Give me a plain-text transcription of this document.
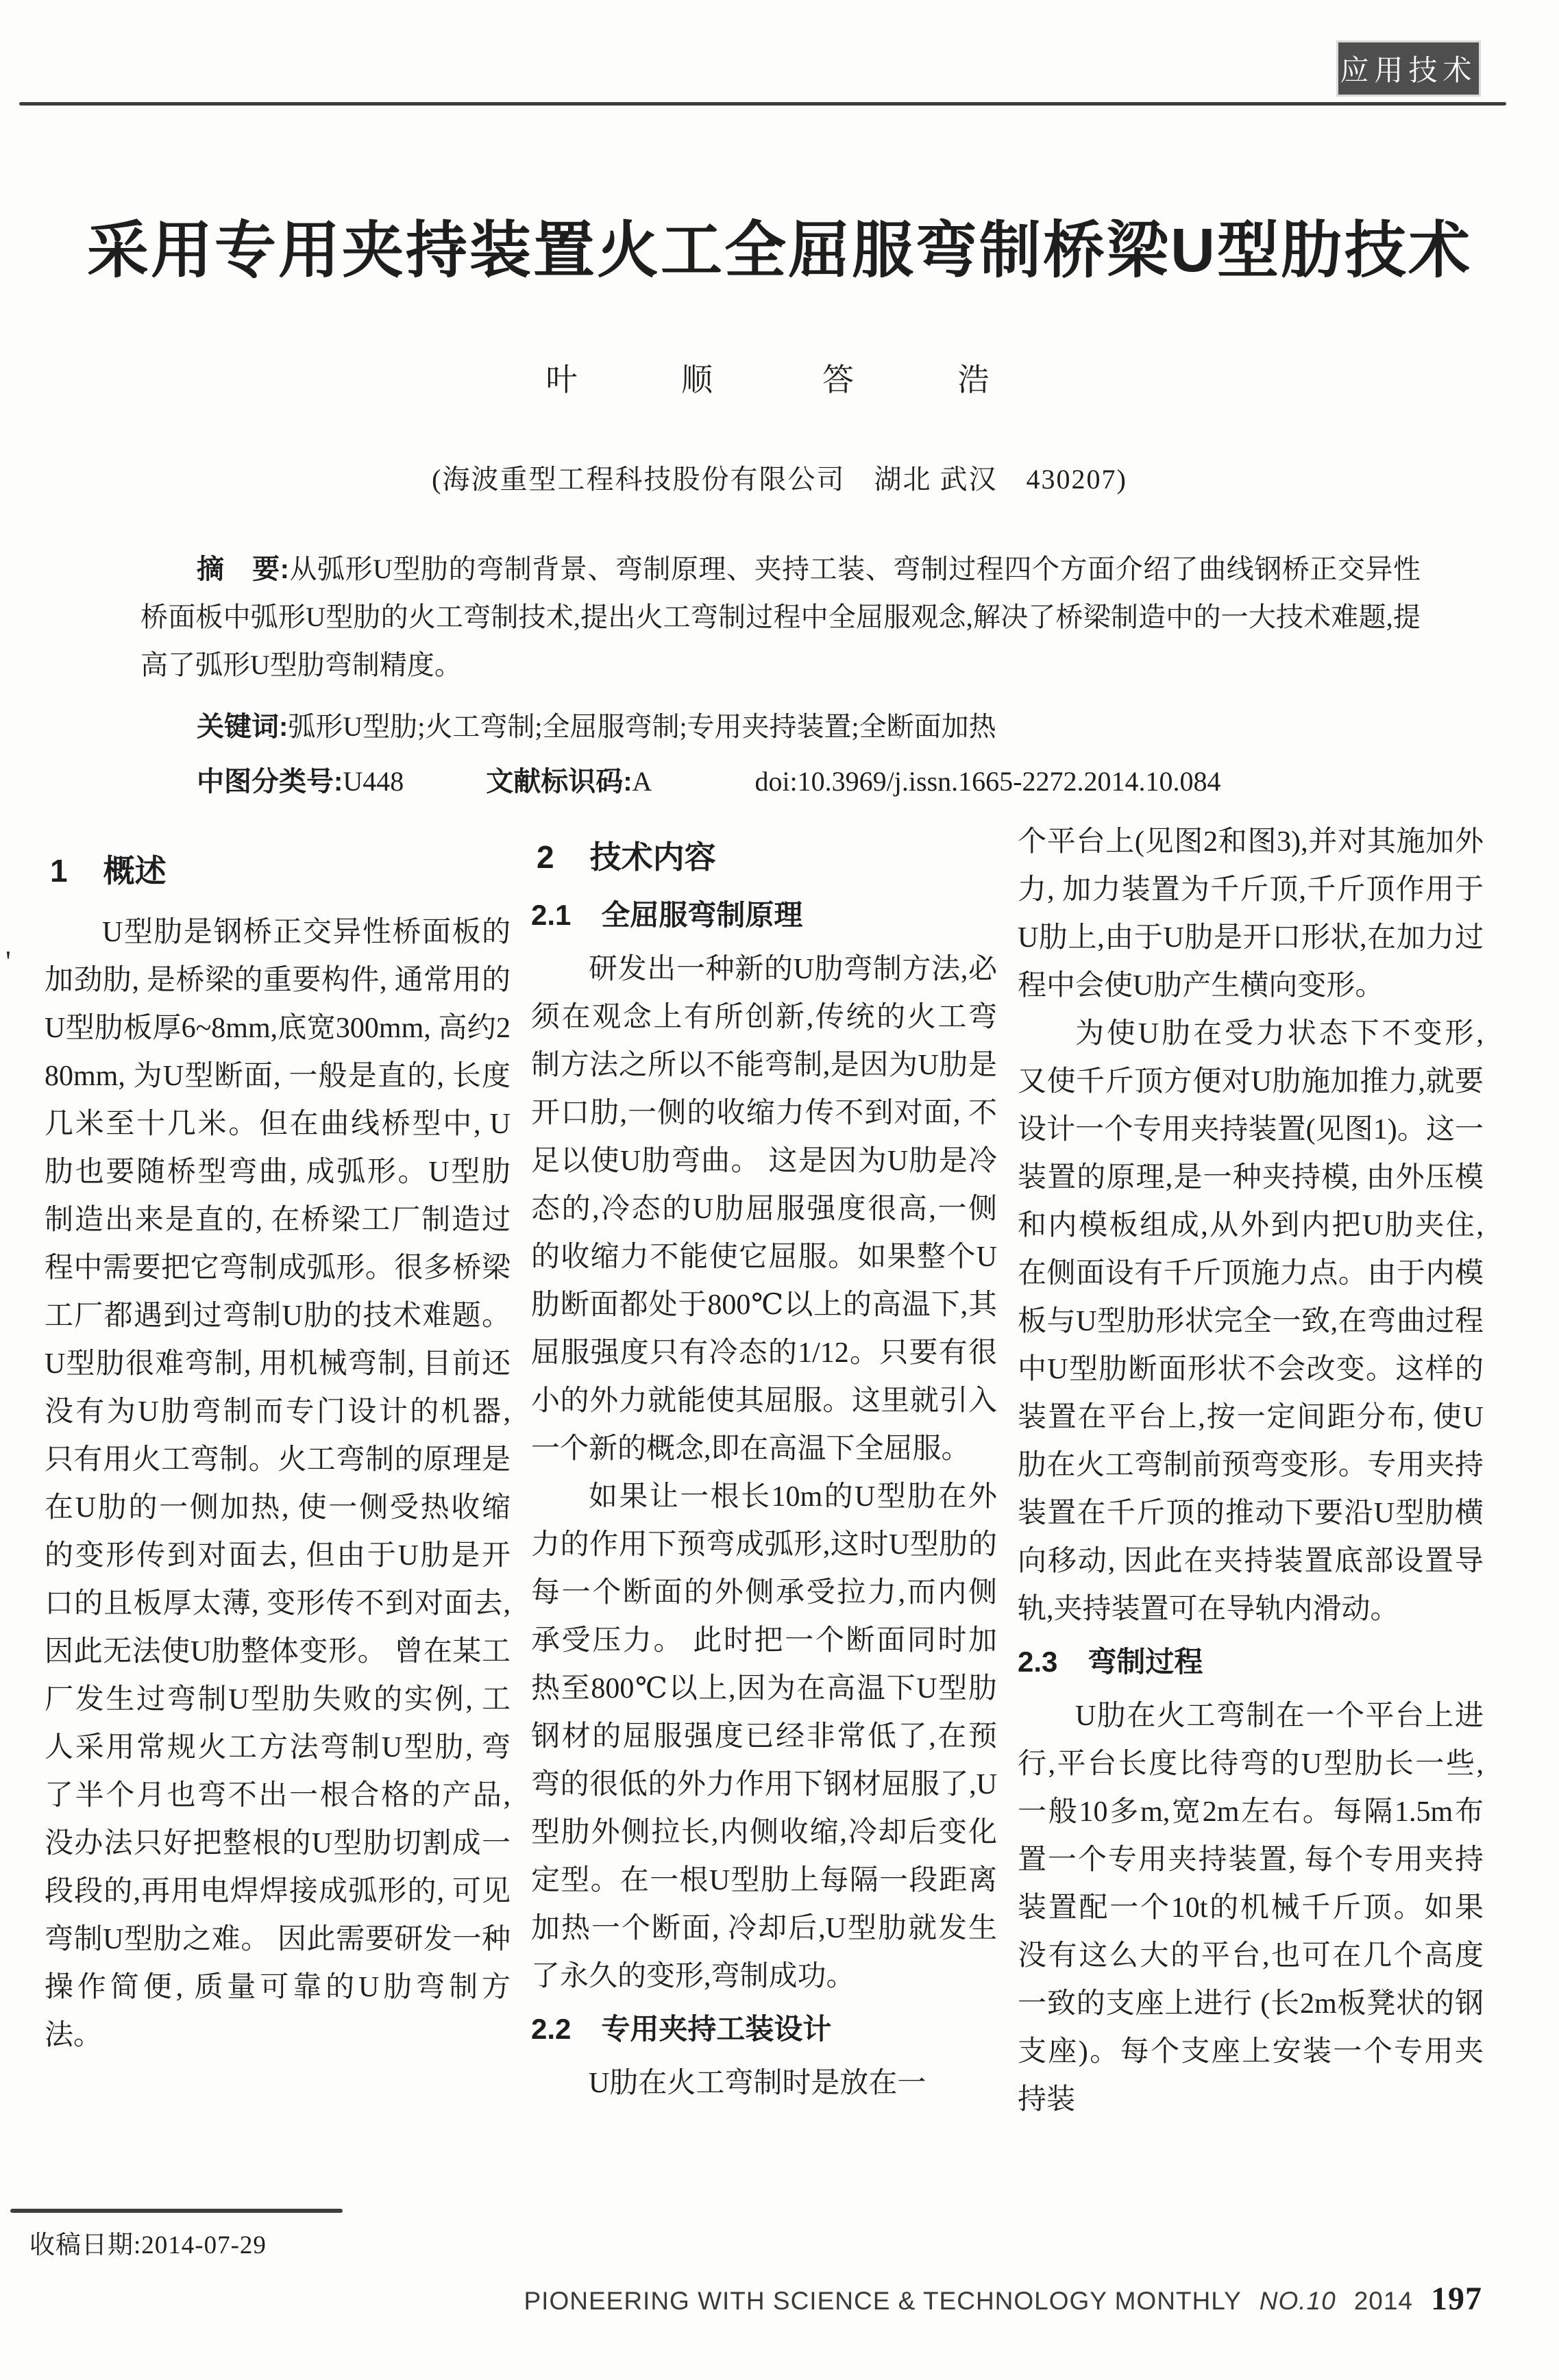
应用技术
采用专用夹持装置火工全屈服弯制桥梁U型肋技术
叶 顺	答 浩
(海波重型工程科技股份有限公司　湖北 武汉　430207)

摘　要:从弧形U型肋的弯制背景、弯制原理、夹持工装、弯制过程四个方面介绍了曲线钢桥正交异性桥面板中弧形U型肋的火工弯制技术,提出火工弯制过程中全屈服观念,解决了桥梁制造中的一大技术难题,提高了弧形U型肋弯制精度。

关键词:弧形U型肋;火工弯制;全屈服弯制;专用夹持装置;全断面加热

中图分类号: U448	文献标识码: A	doi:10.3969/j.issn.1665-2272.2014.10.084
1 概述

U型肋是钢桥正交异性桥面板的加劲肋, 是桥梁的重要构件, 通常用的U型肋板厚6~8mm,底宽300mm, 高约280mm, 为U型断面, 一般是直的, 长度几米至十几米。但在曲线桥型中, U肋也要随桥型弯曲, 成弧形。U型肋制造出来是直的, 在桥梁工厂制造过程中需要把它弯制成弧形。很多桥梁工厂都遇到过弯制U肋的技术难题。U型肋很难弯制, 用机械弯制, 目前还没有为U肋弯制而专门设计的机器, 只有用火工弯制。火工弯制的原理是在U肋的一侧加热, 使一侧受热收缩的变形传到对面去, 但由于U肋是开口的且板厚太薄, 变形传不到对面去, 因此无法使U肋整体变形。 曾在某工厂发生过弯制U型肋失败的实例, 工人采用常规火工方法弯制U型肋, 弯了半个月也弯不出一根合格的产品, 没办法只好把整根的U型肋切割成一段段的,再用电焊焊接成弧形的, 可见弯制U型肋之难。 因此需要研发一种操作简便, 质量可靠的U肋弯制方法。

2 技术内容
2.1 全屈服弯制原理

研发出一种新的U肋弯制方法,必须在观念上有所创新,传统的火工弯制方法之所以不能弯制,是因为U肋是开口肋,一侧的收缩力传不到对面, 不足以使U肋弯曲。 这是因为U肋是冷态的,冷态的U肋屈服强度很高,一侧的收缩力不能使它屈服。如果整个U肋断面都处于800℃以上的高温下,其屈服强度只有冷态的1/12。只要有很小的外力就能使其屈服。这里就引入一个新的概念,即在高温下全屈服。

如果让一根长10m的U型肋在外力的作用下预弯成弧形,这时U型肋的每一个断面的外侧承受拉力,而内侧承受压力。 此时把一个断面同时加热至800℃以上,因为在高温下U型肋钢材的屈服强度已经非常低了,在预弯的很低的外力作用下钢材屈服了,U型肋外侧拉长,内侧收缩,冷却后变化定型。在一根U型肋上每隔一段距离加热一个断面, 冷却后,U型肋就发生了永久的变形,弯制成功。

2.2 专用夹持工装设计

U肋在火工弯制时是放在一

个平台上(见图2和图3),并对其施加外力, 加力装置为千斤顶,千斤顶作用于U肋上,由于U肋是开口形状,在加力过程中会使U肋产生横向变形。

为使U肋在受力状态下不变形, 又使千斤顶方便对U肋施加推力,就要设计一个专用夹持装置(见图1)。这一装置的原理,是一种夹持模, 由外压模和内模板组成,从外到内把U肋夹住,在侧面设有千斤顶施力点。由于内模板与U型肋形状完全一致,在弯曲过程中U型肋断面形状不会改变。这样的装置在平台上,按一定间距分布, 使U肋在火工弯制前预弯变形。专用夹持装置在千斤顶的推动下要沿U型肋横向移动, 因此在夹持装置底部设置导轨,夹持装置可在导轨内滑动。

2.3 弯制过程

U肋在火工弯制在一个平台上进行,平台长度比待弯的U型肋长一些, 一般10多m,宽2m左右。每隔1.5m布置一个专用夹持装置, 每个专用夹持装置配一个10t的机械千斤顶。如果没有这么大的平台,也可在几个高度一致的支座上进行 (长2m板凳状的钢支座)。每个支座上安装一个专用夹持装

'
收稿日期:2014-07-29
PIONEERING WITH SCIENCE & TECHNOLOGY MONTHLY NO.10 2014 197
